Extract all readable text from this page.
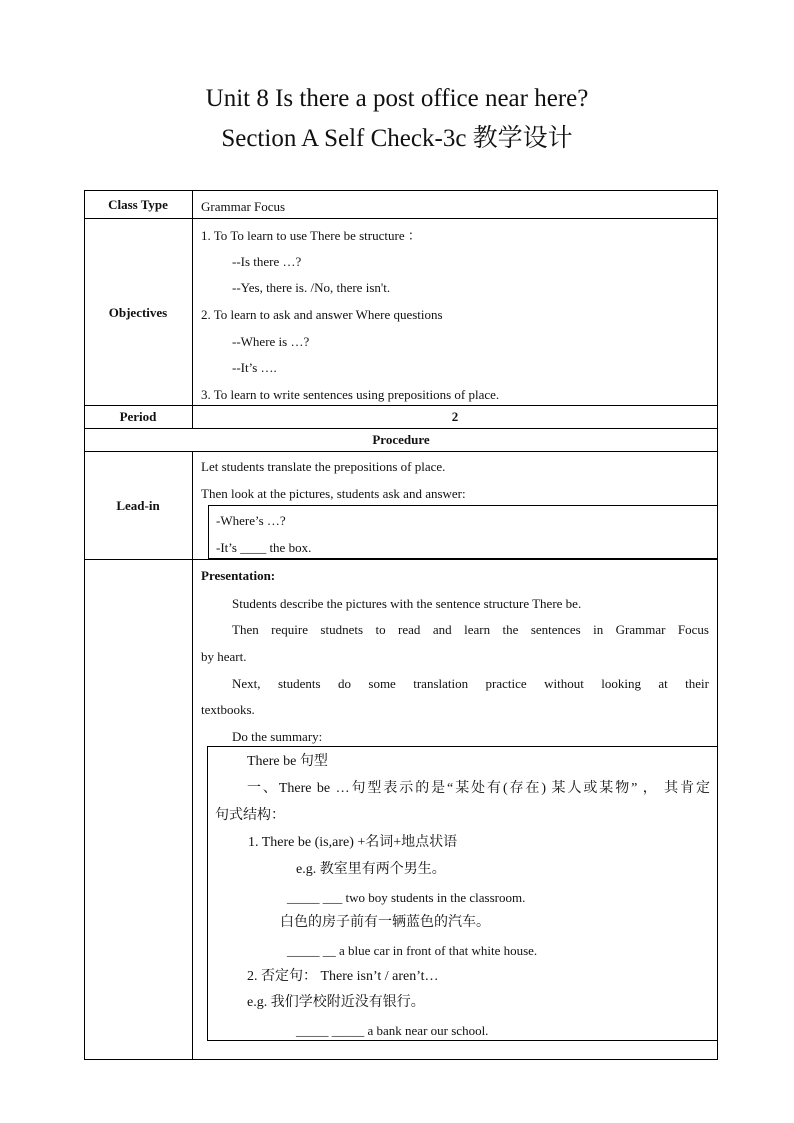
Unit 8 Is there a post office near here?
Section A Self Check-3c 教学设计
Class Type	Grammar Focus
Objectives
1. To To learn to use There be structure ：
--Is there …?
--Yes, there is. /No, there isn't.
2. To learn to ask and answer Where questions
--Where is …?
--It’s ….
3. To learn to write sentences using prepositions of place.
Period	2
Procedure
Lead-in
Let students translate the prepositions of place.
Then look at the pictures, students ask and answer:
-Where’s …?
-It’s ____ the box.
Presentation:
Students describe the pictures with the sentence structure There be.
Then require studnets to read and learn the sentences in Grammar Focus
by heart.
Next, students do some translation practice without looking at their
textbooks.
Do the summary:
There be 句型
一、There be …句型表示的是“某处有(存在) 某人或某物” ， 其肯定
句式结构：
1. There be (is,are) +名词+地点状语
e.g. 教室里有两个男生。
_____ ___ two boy students in the classroom.
白色的房子前有一辆蓝色的汽车。
_____ __ a blue car in front of that white house.
2. 否定句： There isn’t / aren’t…
e.g. 我们学校附近没有银行。
_____ _____ a bank near our school.
